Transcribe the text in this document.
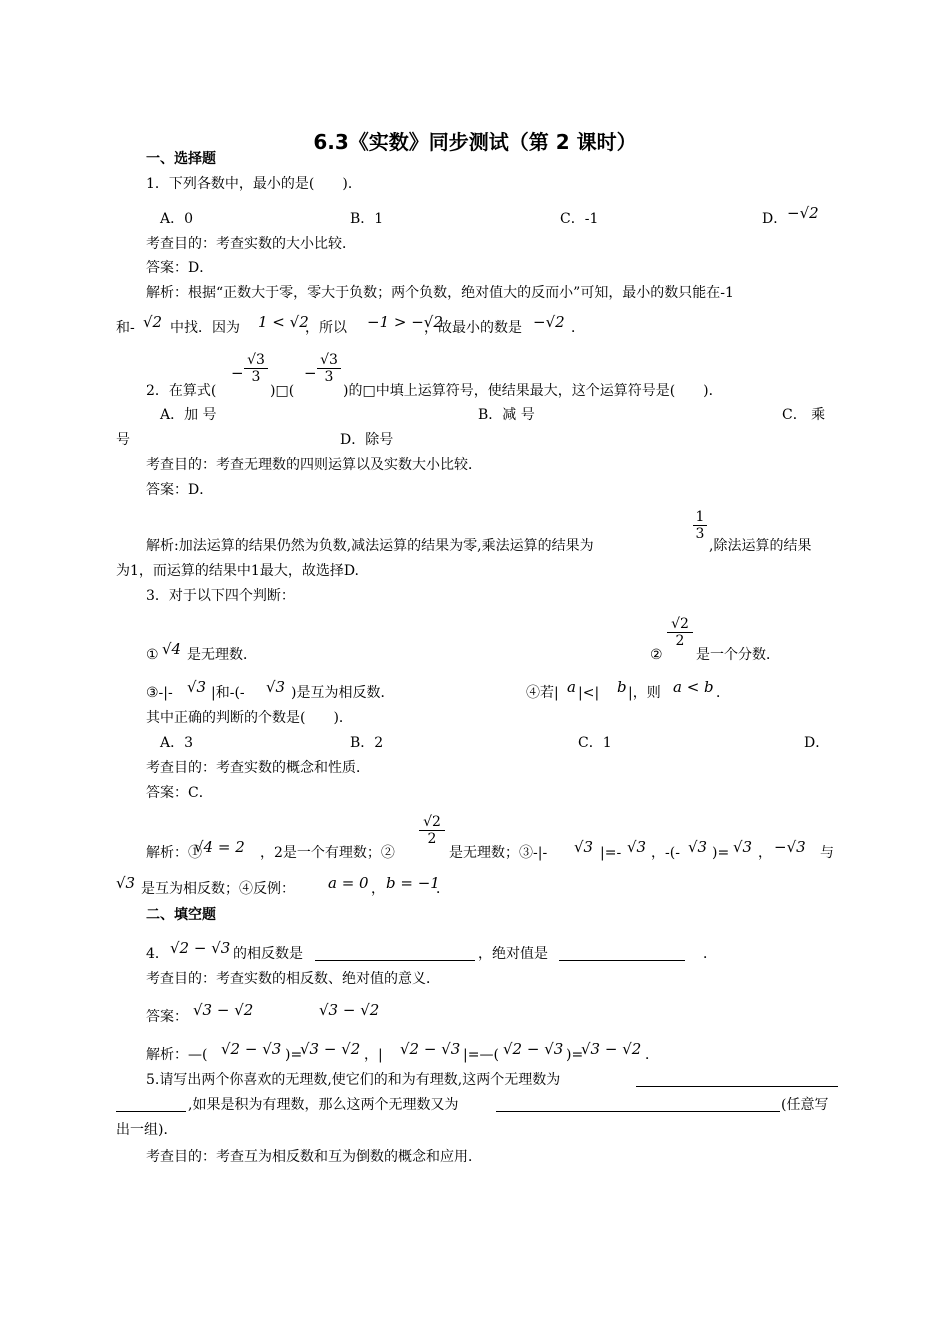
6.3《实数》同步测试（第 2 课时）
一、选择题
1．下列各数中，最小的是(　　)．
A．0	B．1	C．-1	D． −√2
考查目的：考查实数的大小比较．
答案：D．
解析：根据“正数大于零，零大于负数；两个负数，绝对值大的反而小”可知，最小的数只能在-1
和- √2 中找．因为 1 < √2
，所以 −1 > −√2
，故最小的数是 −√2 ．
2．在算式(
− $\frac{√3}{3}$
)□(
− $\frac{√3}{3}$
)的□中填上运算符号，使结果最大，这个运算符号是(　　)．
A．加 号	B．减 号	C． 乘
号	D．除号
考查目的：考查无理数的四则运算以及实数大小比较．
答案：D．
解析:加法运算的结果仍然为负数,减法运算的结果为零,乘法运算的结果为
$\frac{1}{3}$
,除法运算的结果
为1，而运算的结果中1最大，故选择D.
3．对于以下四个判断：
① √4 是无理数．	②
$\frac{√2}{2}$
是一个分数．
③-|- √3 |和-(- √3 )是互为相反数．	④若| a |<| b |，则 a < b ．
其中正确的判断的个数是(　　)．
A．3	B．2	C．1	D．
考查目的：考查实数的概念和性质．
答案：C．
解析：①
√4 = 2 ，2是一个有理数；②
$\frac{√2}{2}$
是无理数；③-|- √3 |=- √3 ，-(- √3 )= √3 ， −√3 与
√3 是互为相反数；④反例： a = 0 ， b = −1
．
二、填空题
4． √2 − √3 的相反数是	，绝对值是	．
考查目的：考查实数的相反数、绝对值的意义．
答案： √3 − √2	√3 − √2
解析：—( √2 − √3 )=
√3 − √2 ，| √2 − √3 |=—( √2 − √3 )=
√3 − √2 ．
5.请写出两个你喜欢的无理数,使它们的和为有理数,这两个无理数为
,如果是积为有理数，那么这两个无理数又为	(任意写
出一组)．
考查目的：考查互为相反数和互为倒数的概念和应用．
